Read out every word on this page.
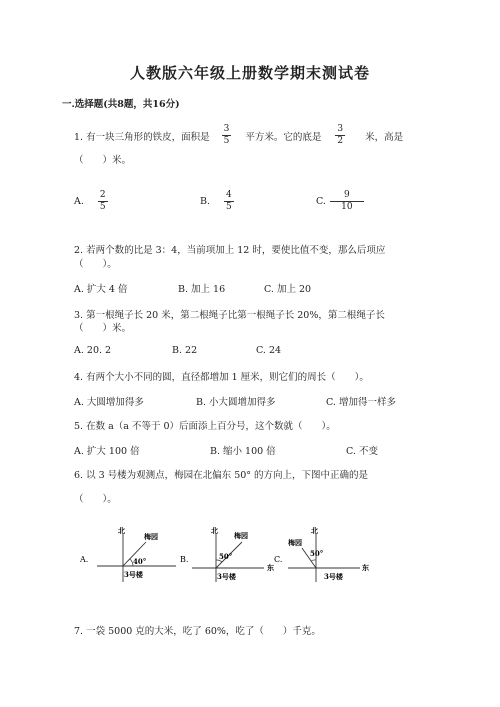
人教版六年级上册数学期末测试卷
一.选择题(共8题，共16分)
1. 有一块三角形的铁皮，面积是 $\frac{3}{5}$ 平方米。它的底是 $\frac{3}{2}$ 米，高是
（　　）米。
A. $\frac{2}{5}$	B. $\frac{4}{5}$	C. $\frac{9}{10}$
2. 若两个数的比是 3：4，当前项加上 12 时，要使比值不变，那么后项应
（　　）。
A. 扩大 4 倍	B. 加上 16	C. 加上 20
3. 第一根绳子长 20 米，第二根绳子比第一根绳子长 20%，第二根绳子长
（　　）米。
A. 20. 2	B. 22	C. 24
4. 有两个大小不同的圆，直径都增加 1 厘米，则它们的周长（　　）。
A. 大圆增加得多	B. 小大圆增加得多	C. 增加得一样多
5. 在数 a（a 不等于 0）后面添上百分号，这个数就（　　）。
A. 扩大 100 倍	B. 缩小 100 倍	C. 不变
6. 以 3 号楼为观测点，梅园在北偏东 50° 的方向上，下图中正确的是
（　　）。
A.
北
梅园
40°
3号楼
B.
北
梅园
50°
3号楼
东
C.
北
梅园
50°
3号楼
东
7. 一袋 5000 克的大米，吃了 60%，吃了（　　）千克。
